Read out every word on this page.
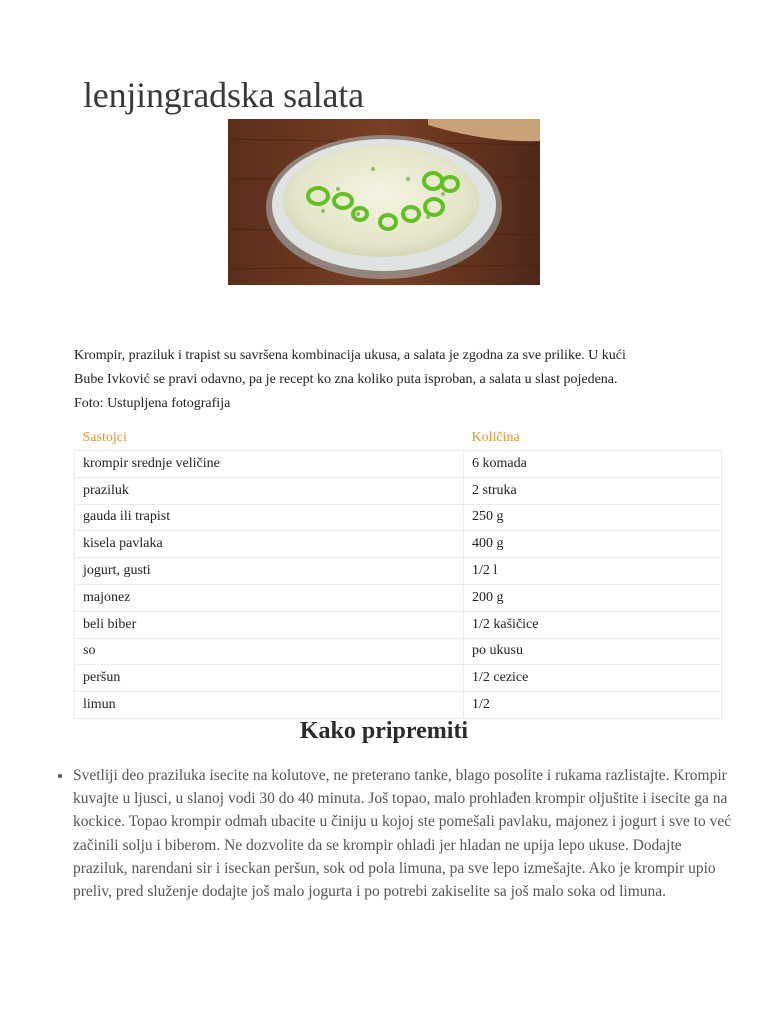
lenjingradska salata

Krompir, praziluk i trapist su savršena kombinacija ukusa, a salata je zgodna za sve prilike. U kući

Bube Ivković se pravi odavno, pa je recept ko zna koliko puta isproban, a salata u slast pojedena.

Foto: Ustupljena fotografija

Sastojci	Količina
krompir srednje veličine	6 komada
praziluk	2 struka
gauda ili trapist	250 g
kisela pavlaka	400 g
jogurt, gusti	1/2 l
majonez	200 g
beli biber	1/2 kašičice
so	po ukusu
peršun	1/2 cezice
limun	1/2
Kako pripremiti
• Svetliji deo praziluka isecite na kolutove, ne preterano tanke, blago posolite i rukama razlistajte. Krompir kuvajte u ljusci, u slanoj vodi 30 do 40 minuta. Još topao, malo prohlađen krompir oljuštite i isecite ga na kockice. Topao krompir odmah ubacite u činiju u kojoj ste pomešali pavlaku, majonez i jogurt i sve to već začinili solju i biberom. Ne dozvolite da se krompir ohladi jer hladan ne upija lepo ukuse. Dodajte praziluk, narendani sir i iseckan peršun, sok od pola limuna, pa sve lepo izmešajte. Ako je krompir upio preliv, pred služenje dodajte još malo jogurta i po potrebi zakiselite sa još malo soka od limuna.
